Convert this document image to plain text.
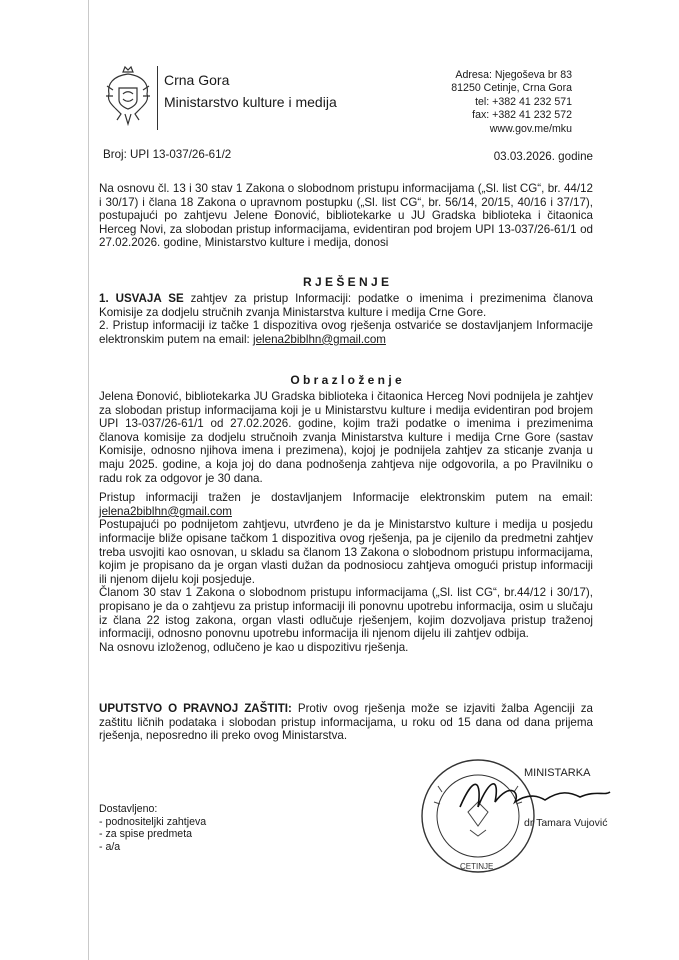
Crna Gora
Ministarstvo kulture i medija
Adresa: Njegoševa br 83
81250 Cetinje, Crna Gora
tel: +382 41 232 571
fax: +382 41 232 572
www.gov.me/mku
Broj: UPI 13-037/26-61/2	03.03.2026. godine

Na osnovu čl. 13 i 30 stav 1 Zakona o slobodnom pristupu informacijama („Sl. list CG“, br. 44/12 i 30/17) i člana 18 Zakona o upravnom postupku („Sl. list CG“, br. 56/14, 20/15, 40/16 i 37/17), postupajući po zahtjevu Jelene Đonović, bibliotekarke u JU Gradska biblioteka i čitaonica Herceg Novi, za slobodan pristup informacijama, evidentiran pod brojem UPI 13-037/26-61/1 od 27.02.2026. godine, Ministarstvo kulture i medija, donosi

R J E Š E N J E

1. USVAJA SE zahtjev za pristup Informaciji: podatke o imenima i prezimenima članova Komisije za dodjelu stručnih zvanja Ministarstva kulture i medija Crne Gore.

2. Pristup informaciji iz tačke 1 dispozitiva ovog rješenja ostvariće se dostavljanjem Informacije elektronskim putem na email: jelena2biblhn@gmail.com

O b r a z l o ž e n j e

Jelena Đonović, bibliotekarka JU Gradska biblioteka i čitaonica Herceg Novi podnijela je zahtjev za slobodan pristup informacijama koji je u Ministarstvu kulture i medija evidentiran pod brojem UPI 13-037/26-61/1 od 27.02.2026. godine, kojim traži podatke o imenima i prezimenima članova komisije za dodjelu stručnoih zvanja Ministarstva kulture i medija Crne Gore (sastav Komisije, odnosno njihova imena i prezimena), kojoj je podnijela zahtjev za sticanje zvanja u maju 2025. godine, a koja joj do dana podnošenja zahtjeva nije odgovorila, a po Pravilniku o radu rok za odgovor je 30 dana.

Pristup informaciji tražen je dostavljanjem Informacije elektronskim putem na email: jelena2biblhn@gmail.com

Postupajući po podnijetom zahtjevu, utvrđeno je da je Ministarstvo kulture i medija u posjedu informacije bliže opisane tačkom 1 dispozitiva ovog rješenja, pa je cijenilo da predmetni zahtjev treba usvojiti kao osnovan, u skladu sa članom 13 Zakona o slobodnom pristupu informacijama, kojim je propisano da je organ vlasti dužan da podnosiocu zahtjeva omogući pristup informaciji ili njenom dijelu koji posjeduje.

Članom 30 stav 1 Zakona o slobodnom pristupu informacijama („Sl. list CG“, br.44/12 i 30/17), propisano je da o zahtjevu za pristup informaciji ili ponovnu upotrebu informacija, osim u slučaju iz člana 22 istog zakona, organ vlasti odlučuje rješenjem, kojim dozvoljava pristup traženoj informaciji, odnosno ponovnu upotrebu informacija ili njenom dijelu ili zahtjev odbija.

Na osnovu izloženog, odlučeno je kao u dispozitivu rješenja.

UPUTSTVO O PRAVNOJ ZAŠTITI: Protiv ovog rješenja može se izjaviti žalba Agenciji za zaštitu ličnih podataka i slobodan pristup informacijama, u roku od 15 dana od dana prijema rješenja, neposredno ili preko ovog Ministarstva.

CETINJE
MINISTARKA
dr Tamara Vujović
Dostavljeno:
- podnositeljki zahtjeva
- za spise predmeta
- a/a
